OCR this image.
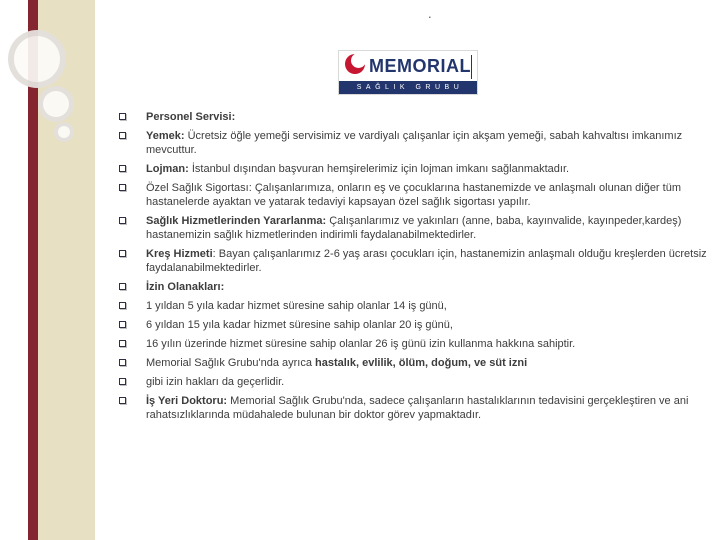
.
MEMORIAL
SAĞLIK GRUBU
Personel Servisi:
Yemek: Ücretsiz öğle yemeği servisimiz ve vardiyalı çalışanlar için akşam yemeği, sabah kahvaltısı imkanımız mevcuttur.
Lojman: İstanbul dışından başvuran hemşirelerimiz için lojman imkanı sağlanmaktadır.
Özel Sağlık Sigortası: Çalışanlarımıza, onların eş ve çocuklarına hastanemizde ve anlaşmalı olunan diğer tüm hastanelerde ayaktan ve yatarak tedaviyi kapsayan özel sağlık sigortası yapılır.
Sağlık Hizmetlerinden Yararlanma: Çalışanlarımız ve yakınları (anne, baba, kayınvalide, kayınpeder,kardeş) hastanemizin sağlık hizmetlerinden indirimli faydalanabilmektedirler.
Kreş Hizmeti: Bayan çalışanlarımız 2-6 yaş arası çocukları için, hastanemizin anlaşmalı olduğu kreşlerden ücretsiz faydalanabilmektedirler.
İzin Olanakları:
1 yıldan 5 yıla kadar hizmet süresine sahip olanlar 14 iş günü,
6 yıldan 15 yıla kadar hizmet süresine sahip olanlar 20 iş günü,
16 yılın üzerinde hizmet süresine sahip olanlar 26 iş günü izin kullanma hakkına sahiptir.
Memorial Sağlık Grubu'nda ayrıca hastalık, evlilik, ölüm, doğum, ve süt izni
gibi izin hakları da geçerlidir.
İş Yeri Doktoru: Memorial Sağlık Grubu'nda, sadece çalışanların hastalıklarının tedavisini gerçekleştiren ve ani rahatsızlıklarında müdahalede bulunan bir doktor görev yapmaktadır.
